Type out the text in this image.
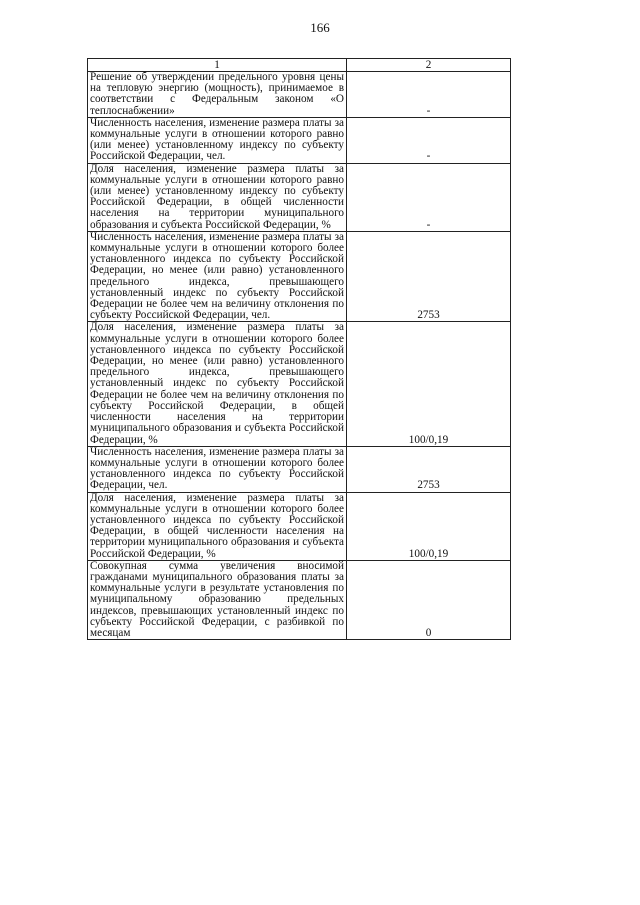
166
1	2
Решение об утверждении предельного уровня цены на тепловую энергию (мощность), принимаемое в соответствии с Федеральным законом «О теплоснабжении»	-
Численность населения, изменение размера платы за коммунальные услуги в отношении которого равно (или менее) установленному индексу по субъекту Российской Федерации, чел.	-
Доля населения, изменение размера платы за коммунальные услуги в отношении которого равно (или менее) установленному индексу по субъекту Российской Федерации, в общей численности населения на территории муниципального образования и субъекта Российской Федерации, %	-
Численность населения, изменение размера платы за коммунальные услуги в отношении которого более установленного индекса по субъекту Российской Федерации, но менее (или равно) установленного предельного индекса, превышающего установленный индекс по субъекту Российской Федерации не более чем на величину отклонения по субъекту Российской Федерации, чел.	2753
Доля населения, изменение размера платы за коммунальные услуги в отношении которого более установленного индекса по субъекту Российской Федерации, но менее (или равно) установленного предельного индекса, превышающего установленный индекс по субъекту Российской Федерации не более чем на величину отклонения по субъекту Российской Федерации, в общей численности населения на территории муниципального образования и субъекта Российской Федерации, %	100/0,19
Численность населения, изменение размера платы за коммунальные услуги в отношении которого более установленного индекса по субъекту Российской Федерации, чел.	2753
Доля населения, изменение размера платы за коммунальные услуги в отношении которого более установленного индекса по субъекту Российской Федерации, в общей численности населения на территории муниципального образования и субъекта Российской Федерации, %	100/0,19
Совокупная сумма увеличения вносимой гражданами муниципального образования платы за коммунальные услуги в результате установления по муниципальному образованию предельных индексов, превышающих установленный индекс по субъекту Российской Федерации, с разбивкой по месяцам	0
